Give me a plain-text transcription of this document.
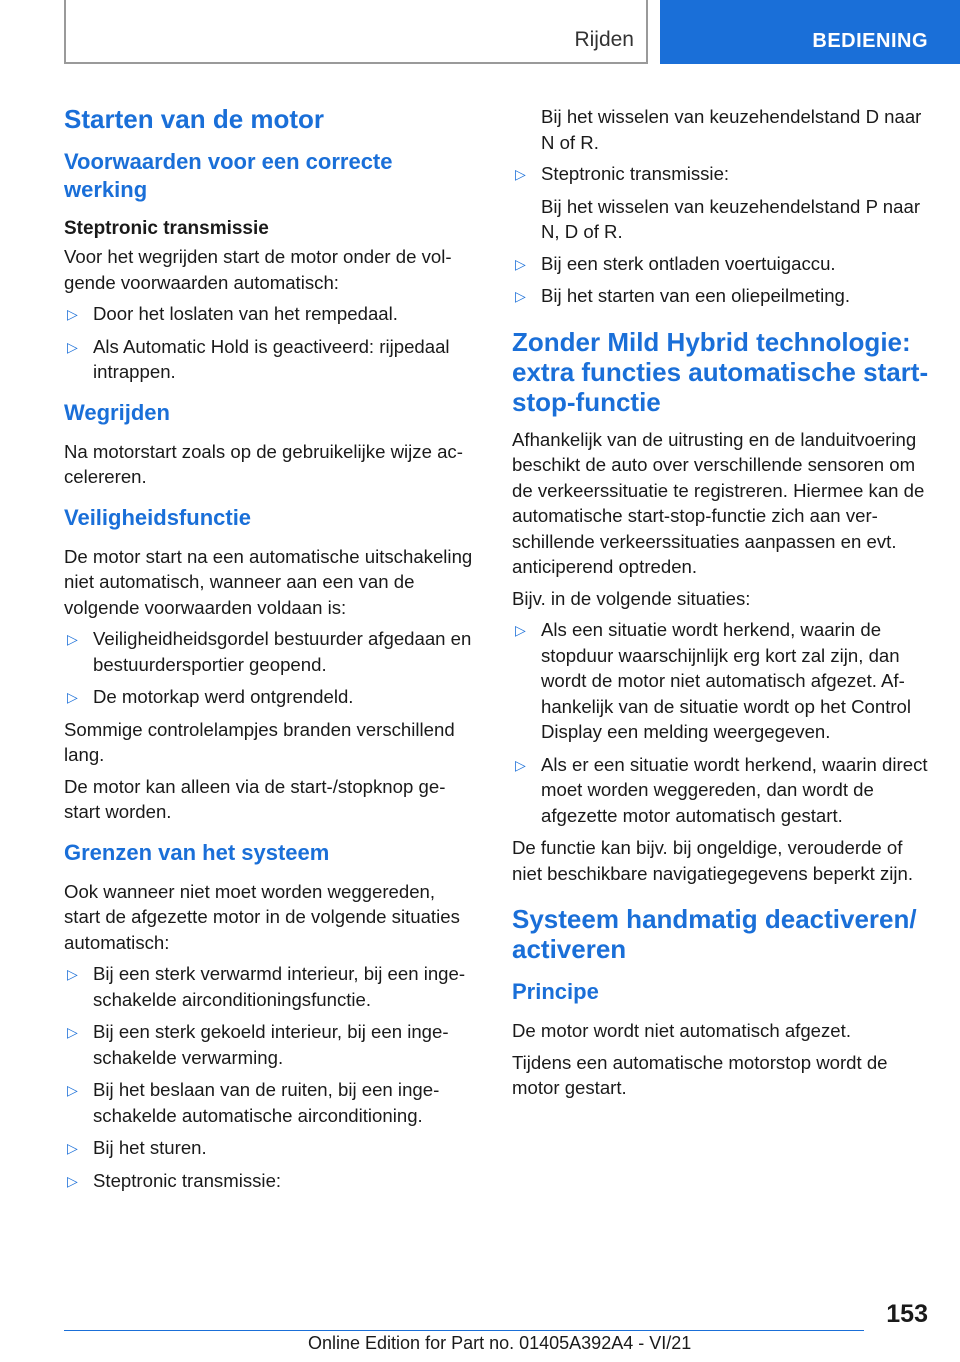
Rijden	BEDIENING
Starten van de motor
Voorwaarden voor een correcte werking
Steptronic transmissie
Voor het wegrijden start de motor onder de volgende voorwaarden automatisch:
▷ Door het loslaten van het rempedaal.
▷ Als Automatic Hold is geactiveerd: rijpedaal intrappen.
Wegrijden
Na motorstart zoals op de gebruikelijke wijze accelereren.
Veiligheidsfunctie
De motor start na een automatische uitschakeling niet automatisch, wanneer aan een van de volgende voorwaarden voldaan is:
▷ Veiligheidheidsgordel bestuurder afgedaan en bestuurdersportier geopend.
▷ De motorkap werd ontgrendeld.
Sommige controlelampjes branden verschillend lang.
De motor kan alleen via de start-/stopknop gestart worden.
Grenzen van het systeem
Ook wanneer niet moet worden weggereden, start de afgezette motor in de volgende situaties automatisch:
▷ Bij een sterk verwarmd interieur, bij een ingeschakelde airconditioningsfunctie.
▷ Bij een sterk gekoeld interieur, bij een ingeschakelde verwarming.
▷ Bij het beslaan van de ruiten, bij een ingeschakelde automatische airconditioning.
▷ Bij het sturen.
▷ Steptronic transmissie:
Bij het wisselen van keuzehendelstand D naar N of R.
▷ Steptronic transmissie:
Bij het wisselen van keuzehendelstand P naar N, D of R.
▷ Bij een sterk ontladen voertuigaccu.
▷ Bij het starten van een oliepeilmeting.
Zonder Mild Hybrid technologie: extra functies automatische start-stop-functie
Afhankelijk van de uitrusting en de landuitvoering beschikt de auto over verschillende sensoren om de verkeerssituatie te registreren. Hiermee kan de automatische start-stop-functie zich aan verschillende verkeerssituaties aanpassen en evt. anticiperend optreden.
Bijv. in de volgende situaties:
▷ Als een situatie wordt herkend, waarin de stopduur waarschijnlijk erg kort zal zijn, dan wordt de motor niet automatisch afgezet. Afhankelijk van de situatie wordt op het Control Display een melding weergegeven.
▷ Als er een situatie wordt herkend, waarin direct moet worden weggereden, dan wordt de afgezette motor automatisch gestart.
De functie kan bijv. bij ongeldige, verouderde of niet beschikbare navigatiegegevens beperkt zijn.
Systeem handmatig deactiveren/ activeren
Principe
De motor wordt niet automatisch afgezet.
Tijdens een automatische motorstop wordt de motor gestart.
153
Online Edition for Part no. 01405A392A4 - VI/21
